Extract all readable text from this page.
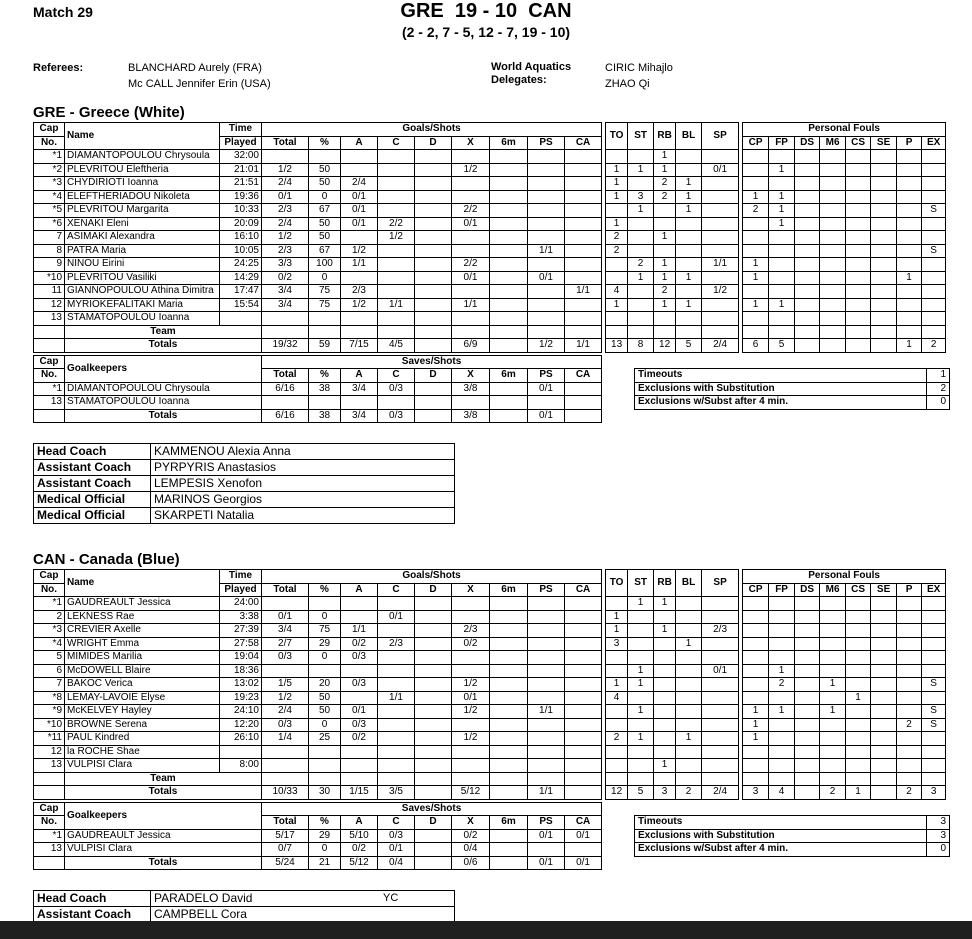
Match 29	GRE  19 - 10  CAN
(2 - 2, 7 - 5, 12 - 7, 19 - 10)
Referees:	BLANCHARD Aurely (FRA)
Mc CALL Jennifer Erin (USA)
World Aquatics
Delegates:
CIRIC Mihajlo
ZHAO Qi
GRE - Greece (White)
Cap	Name	Time	Goals/Shots										TO	ST	RB	BL	SP		Personal Fouls							
No.		Played	Total	%	A	C	D	X	6m	PS	CA								CP	FP	DS	M6	CS	SE	P	EX
*1	DIAMANTOPOULOU Chrysoula	32:00													1											
*2	PLEVRITOU Eleftheria	21:01	1/2	50				1/2					1	1	1		0/1			1						
*3	CHYDIRIOTI Ioanna	21:51	2/4	50	2/4								1		2	1										
*4	ELEFTHERIADOU Nikoleta	19:36	0/1	0	0/1								1	3	2	1			1	1						
*5	PLEVRITOU Margarita	10:33	2/3	67	0/1			2/2						1		1			2	1						S
*6	XENAKI Eleni	20:09	2/4	50	0/1	2/2		0/1					1							1						
7	ASIMAKI Alexandra	16:10	1/2	50		1/2							2		1											
8	PATRA Maria	10:05	2/3	67	1/2					1/1			2													S
9	NINOU Eirini	24:25	3/3	100	1/1			2/2						2	1		1/1		1							
*10	PLEVRITOU Vasiliki	14:29	0/2	0				0/1		0/1				1	1	1			1						1	
11	GIANNOPOULOU Athina Dimitra	17:47	3/4	75	2/3						1/1		4		2		1/2									
12	MYRIOKEFALITAKI Maria	15:54	3/4	75	1/2	1/1		1/1					1		1	1			1	1						
13	STAMATOPOULOU Ioanna																									
	Team																									
	Totals		19/32	59	7/15	4/5		6/9		1/2	1/1		13	8	12	5	2/4		6	5					1	2
Cap	Goalkeepers	Saves/Shots								
No.		Total	%	A	C	D	X	6m	PS	CA
*1	DIAMANTOPOULOU Chrysoula	6/16	38	3/4	0/3		3/8		0/1	
13	STAMATOPOULOU Ioanna									
	Totals	6/16	38	3/4	0/3		3/8		0/1	
Timeouts	1
Exclusions with Substitution	2
Exclusions w/Subst after 4 min.	0
Head Coach	KAMMENOU Alexia Anna

Assistant Coach	PYRPYRIS Anastasios

Assistant Coach	LEMPESIS Xenofon

Medical Official	MARINOS Georgios

Medical Official	SKARPETI Natalia
CAN - Canada (Blue)
Cap	Name	Time	Goals/Shots										TO	ST	RB	BL	SP		Personal Fouls							
No.		Played	Total	%	A	C	D	X	6m	PS	CA								CP	FP	DS	M6	CS	SE	P	EX
*1	GAUDREAULT Jessica	24:00												1	1											
2	LEKNESS Rae	3:38	0/1	0		0/1							1													
*3	CREVIER Axelle	27:39	3/4	75	1/1			2/3					1		1		2/3									
*4	WRIGHT Emma	27:58	2/7	29	0/2	2/3		0/2					3			1										
5	MIMIDES Marilia	19:04	0/3	0	0/3																					
6	McDOWELL Blaire	18:36												1			0/1			1						
7	BAKOC Verica	13:02	1/5	20	0/3			1/2					1	1						2		1				S
*8	LEMAY-LAVOIE Elyse	19:23	1/2	50		1/1		0/1					4										1			
*9	McKELVEY Hayley	24:10	2/4	50	0/1			1/2		1/1				1					1	1		1				S
*10	BROWNE Serena	12:20	0/3	0	0/3														1						2	S
*11	PAUL Kindred	26:10	1/4	25	0/2			1/2					2	1		1			1							
12	la ROCHE Shae																									
13	VULPISI Clara	8:00													1											
	Team																									
	Totals		10/33	30	1/15	3/5		5/12		1/1			12	5	3	2	2/4		3	4		2	1		2	3
Cap	Goalkeepers	Saves/Shots								
No.		Total	%	A	C	D	X	6m	PS	CA
*1	GAUDREAULT Jessica	5/17	29	5/10	0/3		0/2		0/1	0/1
13	VULPISI Clara	0/7	0	0/2	0/1		0/4			
	Totals	5/24	21	5/12	0/4		0/6		0/1	0/1
Timeouts	3
Exclusions with Substitution	3
Exclusions w/Subst after 4 min.	0
Head Coach	PARADELO David YC

Assistant Coach	CAMPBELL Cora
